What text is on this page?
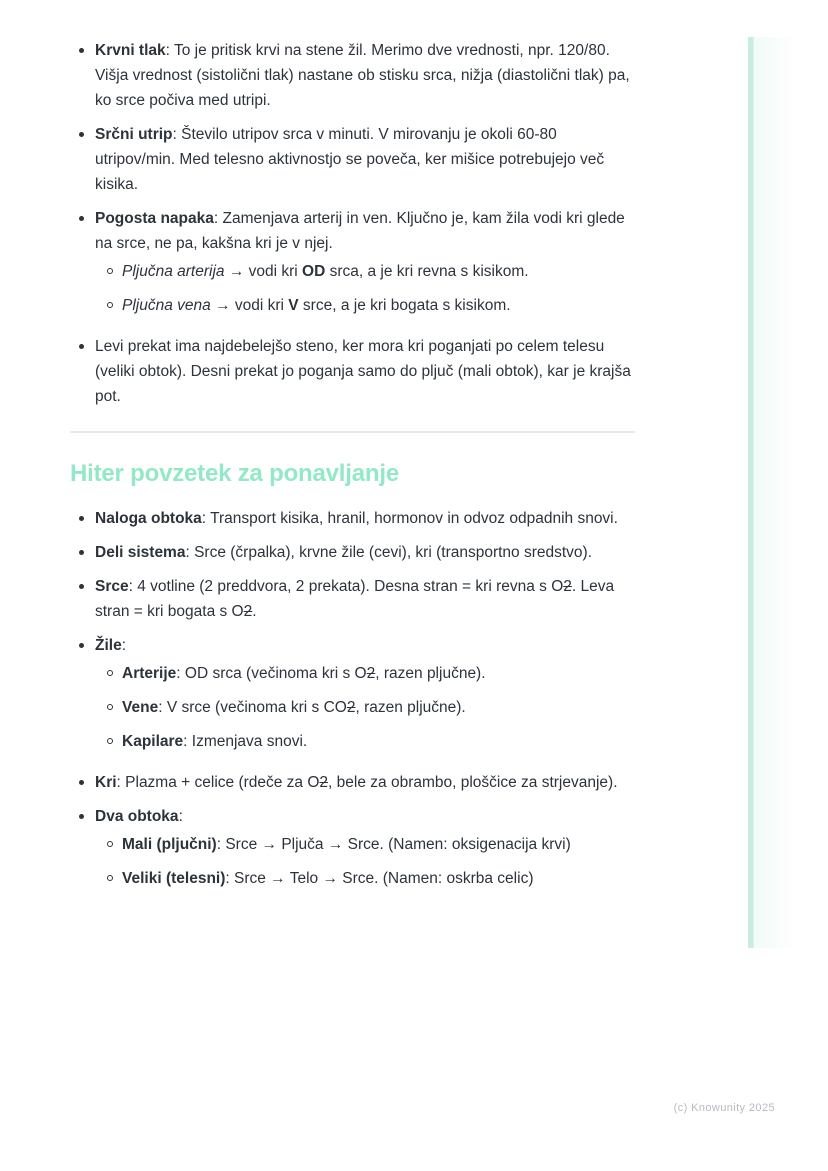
Krvni tlak: To je pritisk krvi na stene žil. Merimo dve vrednosti, npr. 120/80. Višja vrednost (sistolični tlak) nastane ob stisku srca, nižja (diastolični tlak) pa, ko srce počiva med utripi.
Srčni utrip: Število utripov srca v minuti. V mirovanju je okoli 60-80 utripov/min. Med telesno aktivnostjo se poveča, ker mišice potrebujejo več kisika.
Pogosta napaka: Zamenjava arterij in ven. Ključno je, kam žila vodi kri glede na srce, ne pa, kakšna kri je v njej.
Pljučna arterija → vodi kri OD srca, a je kri revna s kisikom.
Pljučna vena → vodi kri V srce, a je kri bogata s kisikom.
Levi prekat ima najdebelejšo steno, ker mora kri poganjati po celem telesu (veliki obtok). Desni prekat jo poganja samo do pljuč (mali obtok), kar je krajša pot.
Hiter povzetek za ponavljanje
Naloga obtoka: Transport kisika, hranil, hormonov in odvoz odpadnih snovi.
Deli sistema: Srce (črpalka), krvne žile (cevi), kri (transportno sredstvo).
Srce: 4 votline (2 preddvora, 2 prekata). Desna stran = kri revna s O2. Leva stran = kri bogata s O2.
Žile:
Arterije: OD srca (večinoma kri s O2, razen pljučne).
Vene: V srce (večinoma kri s CO2, razen pljučne).
Kapilare: Izmenjava snovi.
Kri: Plazma + celice (rdeče za O2, bele za obrambo, ploščice za strjevanje).
Dva obtoka:
Mali (pljučni): Srce → Pljuča → Srce. (Namen: oksigenacija krvi)
Veliki (telesni): Srce → Telo → Srce. (Namen: oskrba celic)
(c) Knowunity 2025
